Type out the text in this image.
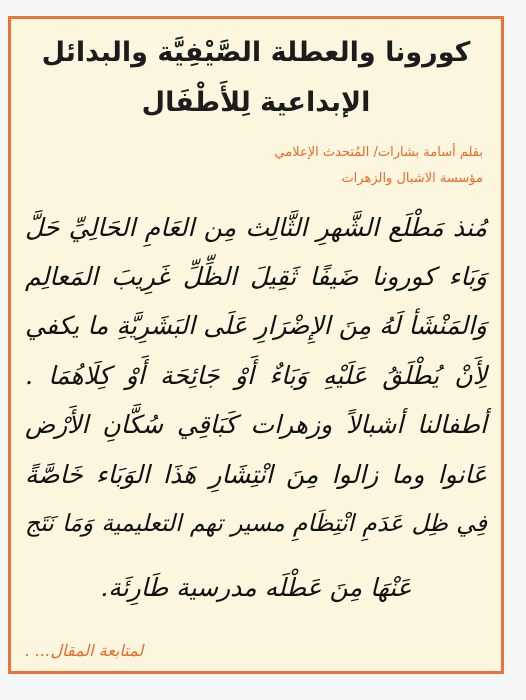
كورونا والعطلة الصَّيْفِيَّة والبدائل
الإبداعية لِلأَطْفَال
بقلم أسامة بشارات/ المُتحدث الإعلامي
مؤسسة الاشبال والزهرات
مُنذ مَطْلَع الشَّهرِ الثَّالِث مِن العَامِ الحَالِيِّ حَلَّ
وَبَاء كورونا ضَيفًا ثَقِيلَ الظِّلِّ غَرِيبَ المَعالِم
وَالمَنْشَأ لَهُ مِنَ الإِضْرَارِ عَلَى البَشَرِيَّةِ ما يكفي
لِأَنْ يُطْلَقُ عَلَيْهِ وَبَاءٌ أَوْ جَائِحَة أَوْ كِلَاهُمَا .
أطفالنا أشبالاً وزهرات كَبَاقِي سُكَّانِ الأَرْض
عَانوا وما زالوا مِنَ انْتِشَارِ هَذَا الوَبَاء خَاصَّةً
فِي ظِل عَدَمِ انْتِظَامِ مسير تهم التعليمية وَمَا نَتَج
عَنْهَا مِنَ عَطْلَه مدرسية طَارِئَة.
لمتابعة المقال... .
